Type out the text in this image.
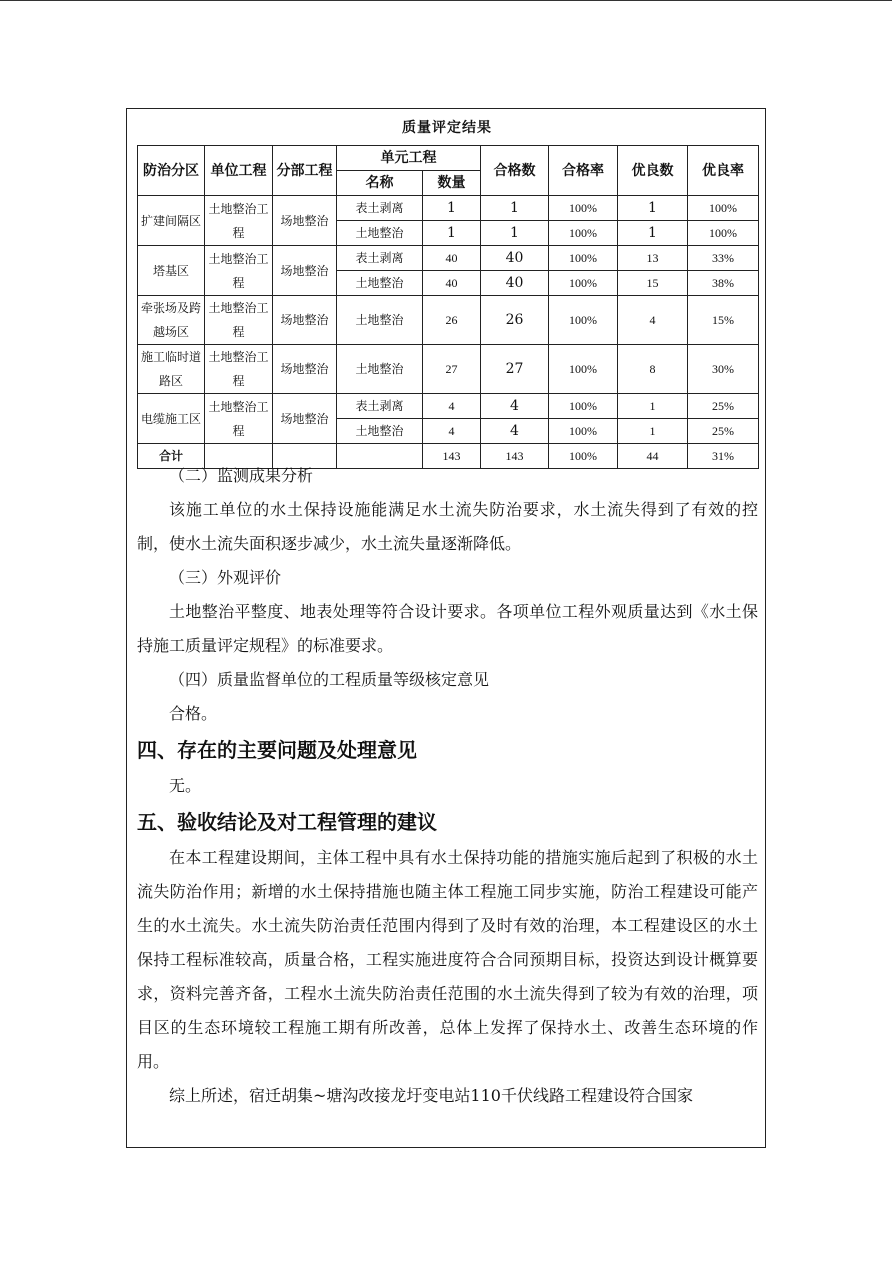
质量评定结果
防治分区	单位工程	分部工程	单元工程		合格数	合格率	优良数	优良率
			名称	数量				
扩建间隔区	土地整治工程	场地整治	表土剥离	1	1	100%	1	100%
			土地整治	1	1	100%	1	100%
塔基区	土地整治工程	场地整治	表土剥离	40	40	100%	13	33%
			土地整治	40	40	100%	15	38%
牵张场及跨越场区	土地整治工程	场地整治	土地整治	26	26	100%	4	15%
施工临时道路区	土地整治工程	场地整治	土地整治	27	27	100%	8	30%
电缆施工区	土地整治工程	场地整治	表土剥离	4	4	100%	1	25%
			土地整治	4	4	100%	1	25%
合计				143	143	100%	44	31%

（二）监测成果分析

该施工单位的水土保持设施能满足水土流失防治要求，水土流失得到了有效的控制，使水土流失面积逐步减少，水土流失量逐渐降低。

（三）外观评价

土地整治平整度、地表处理等符合设计要求。各项单位工程外观质量达到《水土保持施工质量评定规程》的标准要求。

（四）质量监督单位的工程质量等级核定意见

合格。

四、存在的主要问题及处理意见

无。

五、验收结论及对工程管理的建议

在本工程建设期间，主体工程中具有水土保持功能的措施实施后起到了积极的水土流失防治作用；新增的水土保持措施也随主体工程施工同步实施，防治工程建设可能产生的水土流失。水土流失防治责任范围内得到了及时有效的治理，本工程建设区的水土保持工程标准较高，质量合格，工程实施进度符合合同预期目标，投资达到设计概算要求，资料完善齐备，工程水土流失防治责任范围的水土流失得到了较为有效的治理，项目区的生态环境较工程施工期有所改善，总体上发挥了保持水土、改善生态环境的作用。

综上所述，宿迁胡集~塘沟改接龙圩变电站110千伏线路工程建设符合国家
